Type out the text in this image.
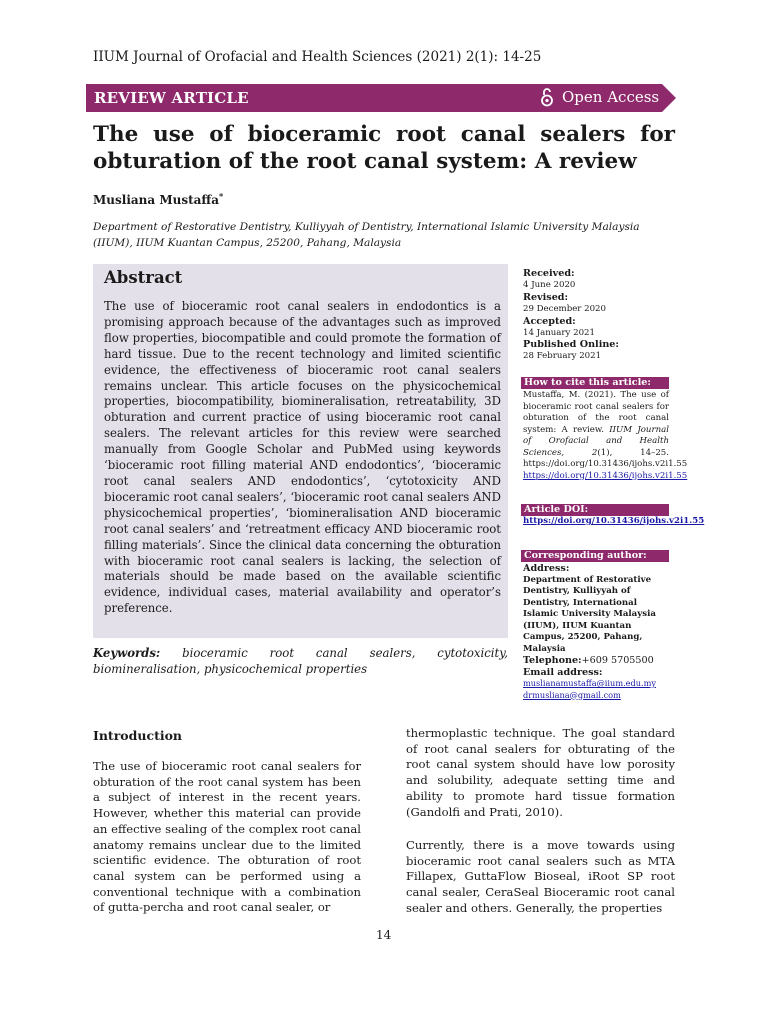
IIUM Journal of Orofacial and Health Sciences (2021) 2(1): 14-25
REVIEW ARTICLE	Open Access
The use of bioceramic root canal sealers for obturation of the root canal system: A review
Musliana Mustaffa*
Department of Restorative Dentistry, Kulliyyah of Dentistry, International Islamic University Malaysia (IIUM), IIUM Kuantan Campus, 25200, Pahang, Malaysia
Abstract
The use of bioceramic root canal sealers in endodontics is a promising approach because of the advantages such as improved flow properties, biocompatible and could promote the formation of hard tissue. Due to the recent technology and limited scientific evidence, the effectiveness of bioceramic root canal sealers remains unclear. This article focuses on the physicochemical properties, biocompatibility, biomineralisation, retreatability, 3D obturation and current practice of using bioceramic root canal sealers. The relevant articles for this review were searched manually from Google Scholar and PubMed using keywords ‘bioceramic root filling material AND endodontics’, ‘bioceramic root canal sealers AND endodontics’, ‘cytotoxicity AND bioceramic root canal sealers’, ‘bioceramic root canal sealers AND physicochemical properties’, ‘biomineralisation AND bioceramic root canal sealers’ and ‘retreatment efficacy AND bioceramic root filling materials’. Since the clinical data concerning the obturation with bioceramic root canal sealers is lacking, the selection of materials should be made based on the available scientific evidence, individual cases, material availability and operator’s preference.
Keywords: bioceramic root canal sealers, cytotoxicity, biomineralisation, physicochemical properties
Received:
4 June 2020
Revised:
29 December 2020
Accepted:
14 January 2021
Published Online:
28 February 2021
How to cite this article:
Mustaffa, M. (2021). The use of bioceramic root canal sealers for obturation of the root canal system: A review. IIUM Journal of Orofacial and Health Sciences, 2(1), 14–25. https://doi.org/10.31436/ijohs.v2i1.55 https://doi.org/10.31436/ijohs.v2i1.55
Article DOI:
https://doi.org/10.31436/ijohs.v2i1.55
Corresponding author:
Address:
Department of Restorative Dentistry, Kulliyyah of Dentistry, International Islamic University Malaysia (IIUM), IIUM Kuantan Campus, 25200, Pahang, Malaysia
Telephone:+609 5705500
Email address:
muslianamustaffa@iium.edu.my
drmusliana@gmail.com
Introduction
The use of bioceramic root canal sealers for obturation of the root canal system has been a subject of interest in the recent years. However, whether this material can provide an effective sealing of the complex root canal anatomy remains unclear due to the limited scientific evidence. The obturation of root canal system can be performed using a conventional technique with a combination of gutta-percha and root canal sealer, or
thermoplastic technique. The goal standard of root canal sealers for obturating of the root canal system should have low porosity and solubility, adequate setting time and ability to promote hard tissue formation (Gandolfi and Prati, 2010).
Currently, there is a move towards using bioceramic root canal sealers such as MTA Fillapex, GuttaFlow Bioseal, iRoot SP root canal sealer, CeraSeal Bioceramic root canal sealer and others. Generally, the properties
14
